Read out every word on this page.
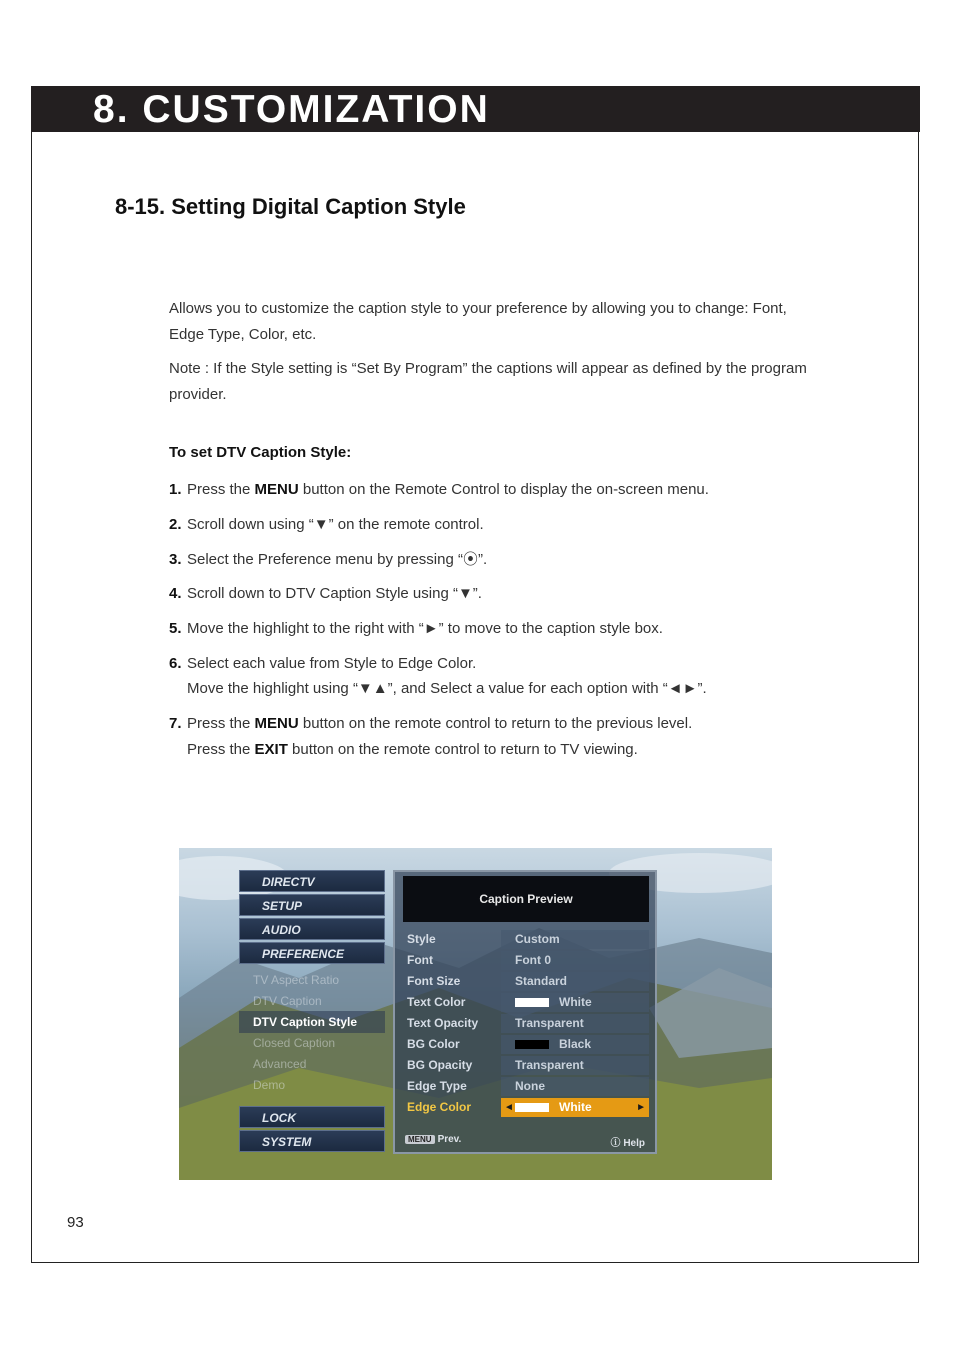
8. CUSTOMIZATION
8-15. Setting Digital Caption Style
Allows you to customize the caption style to your preference by allowing you to change: Font, Edge Type, Color, etc.
Note : If the Style setting is “Set By Program” the captions will appear as defined by the program provider.
To set DTV Caption Style:
1. Press the MENU button on the Remote Control to display the on-screen menu.
2. Scroll down using “▼” on the remote control.
3. Select the Preference menu by pressing “⦿”.
4. Scroll down to DTV Caption Style using “▼”.
5. Move the highlight to the right with “►” to move to the caption style box.
6. Select each value from Style to Edge Color.
Move the highlight using “▼▲”, and Select a value for each option with “◄►”.
7. Press the MENU button on the remote control to return to the previous level.
Press the EXIT button on the remote control to return to TV viewing.
DIRECTV
SETUP
AUDIO
PREFERENCE
TV Aspect Ratio
DTV Caption
DTV Caption Style
Closed Caption
Advanced
Demo
LOCK
SYSTEM
Caption Preview
Style	Custom
Font	Font 0
Font Size	Standard
Text Color	White
Text Opacity	Transparent
BG Color	Black
BG Opacity	Transparent
Edge Type	None
Edge Color	◄	White	►
MENU Prev.	ⓘ Help
93
